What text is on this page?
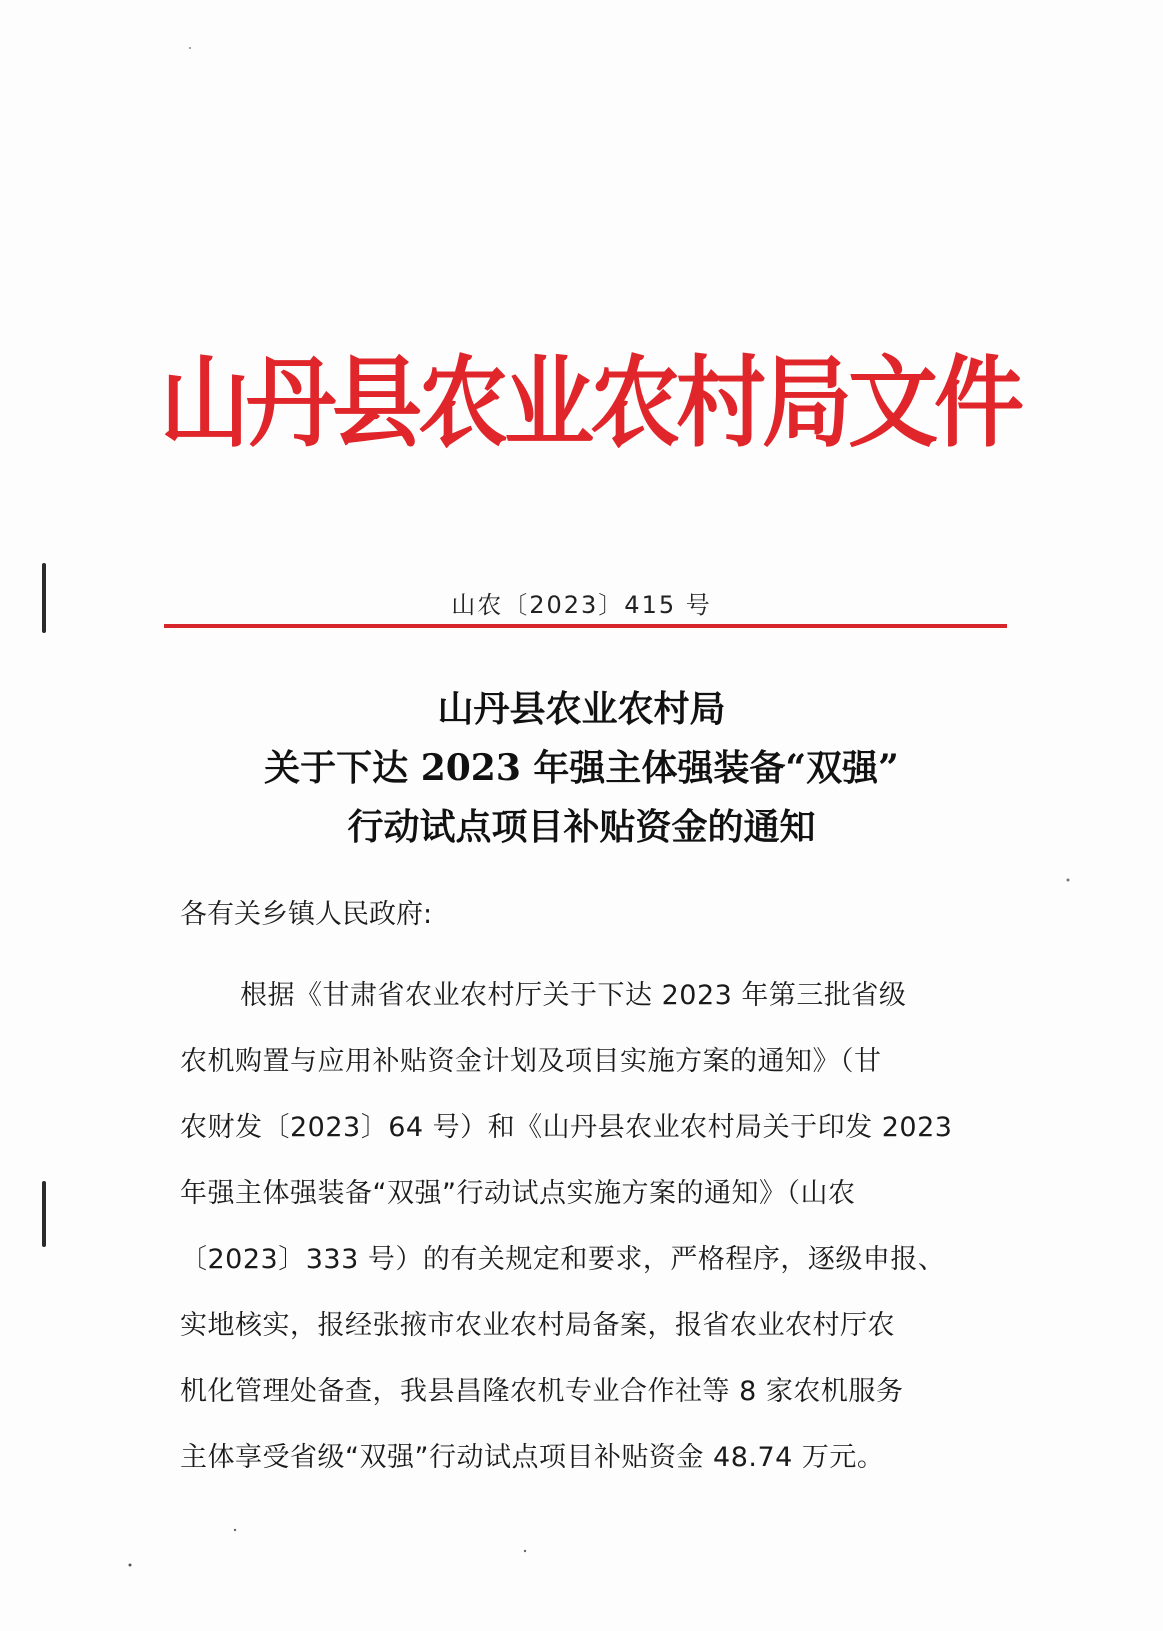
山丹县农业农村局文件
山农〔2023〕415 号
山丹县农业农村局
关于下达 2023 年强主体强装备“双强”
行动试点项目补贴资金的通知

各有关乡镇人民政府:

根据《甘肃省农业农村厅关于下达 2023 年第三批省级
农机购置与应用补贴资金计划及项目实施方案的通知》（甘
农财发〔2023〕64 号）和《山丹县农业农村局关于印发 2023
年强主体强装备“双强”行动试点实施方案的通知》（山农
〔2023〕333 号）的有关规定和要求，严格程序，逐级申报、
实地核实，报经张掖市农业农村局备案，报省农业农村厅农
机化管理处备查，我县昌隆农机专业合作社等 8 家农机服务
主体享受省级“双强”行动试点项目补贴资金 48.74 万元。
